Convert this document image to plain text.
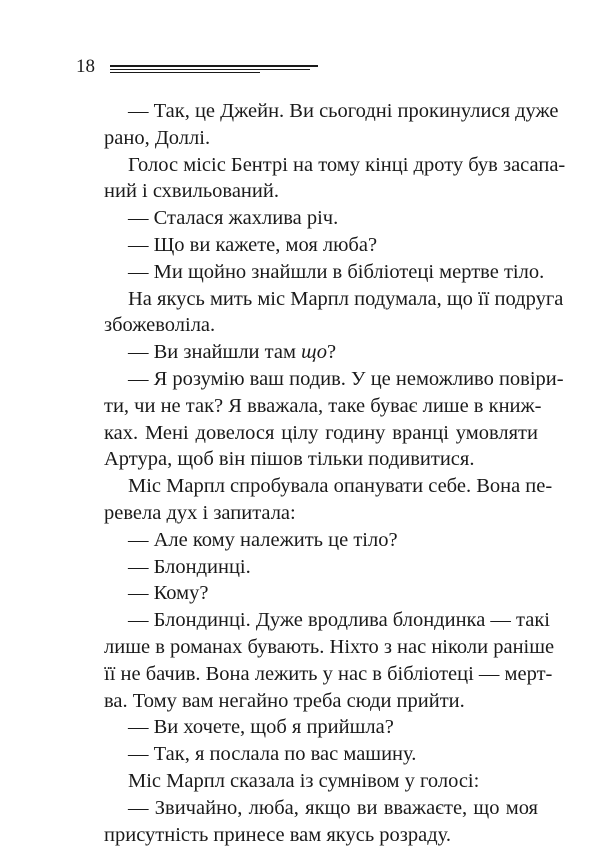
18
— Так, це Джейн. Ви сьогодні прокинулися дуже
рано, Доллі.
Голос місіс Бентрі на тому кінці дроту був засапа-
ний і схвильований.
— Сталася жахлива річ.
— Що ви кажете, моя люба?
— Ми щойно знайшли в бібліотеці мертве тіло.
На якусь мить міс Марпл подумала, що її подруга
збожеволіла.
— Ви знайшли там що?
— Я розумію ваш подив. У це неможливо повіри-
ти, чи не так? Я вважала, таке буває лише в книж-
ках. Мені довелося цілу годину вранці умовляти
Артура, щоб він пішов тільки подивитися.
Міс Марпл спробувала опанувати себе. Вона пе-
ревела дух і запитала:
— Але кому належить це тіло?
— Блондинці.
— Кому?
— Блондинці. Дуже вродлива блондинка — такі
лише в романах бувають. Ніхто з нас ніколи раніше
її не бачив. Вона лежить у нас в бібліотеці — мерт-
ва. Тому вам негайно треба сюди прийти.
— Ви хочете, щоб я прийшла?
— Так, я послала по вас машину.
Міс Марпл сказала із сумнівом у голосі:
— Звичайно, люба, якщо ви вважаєте, що моя
присутність принесе вам якусь розраду.
